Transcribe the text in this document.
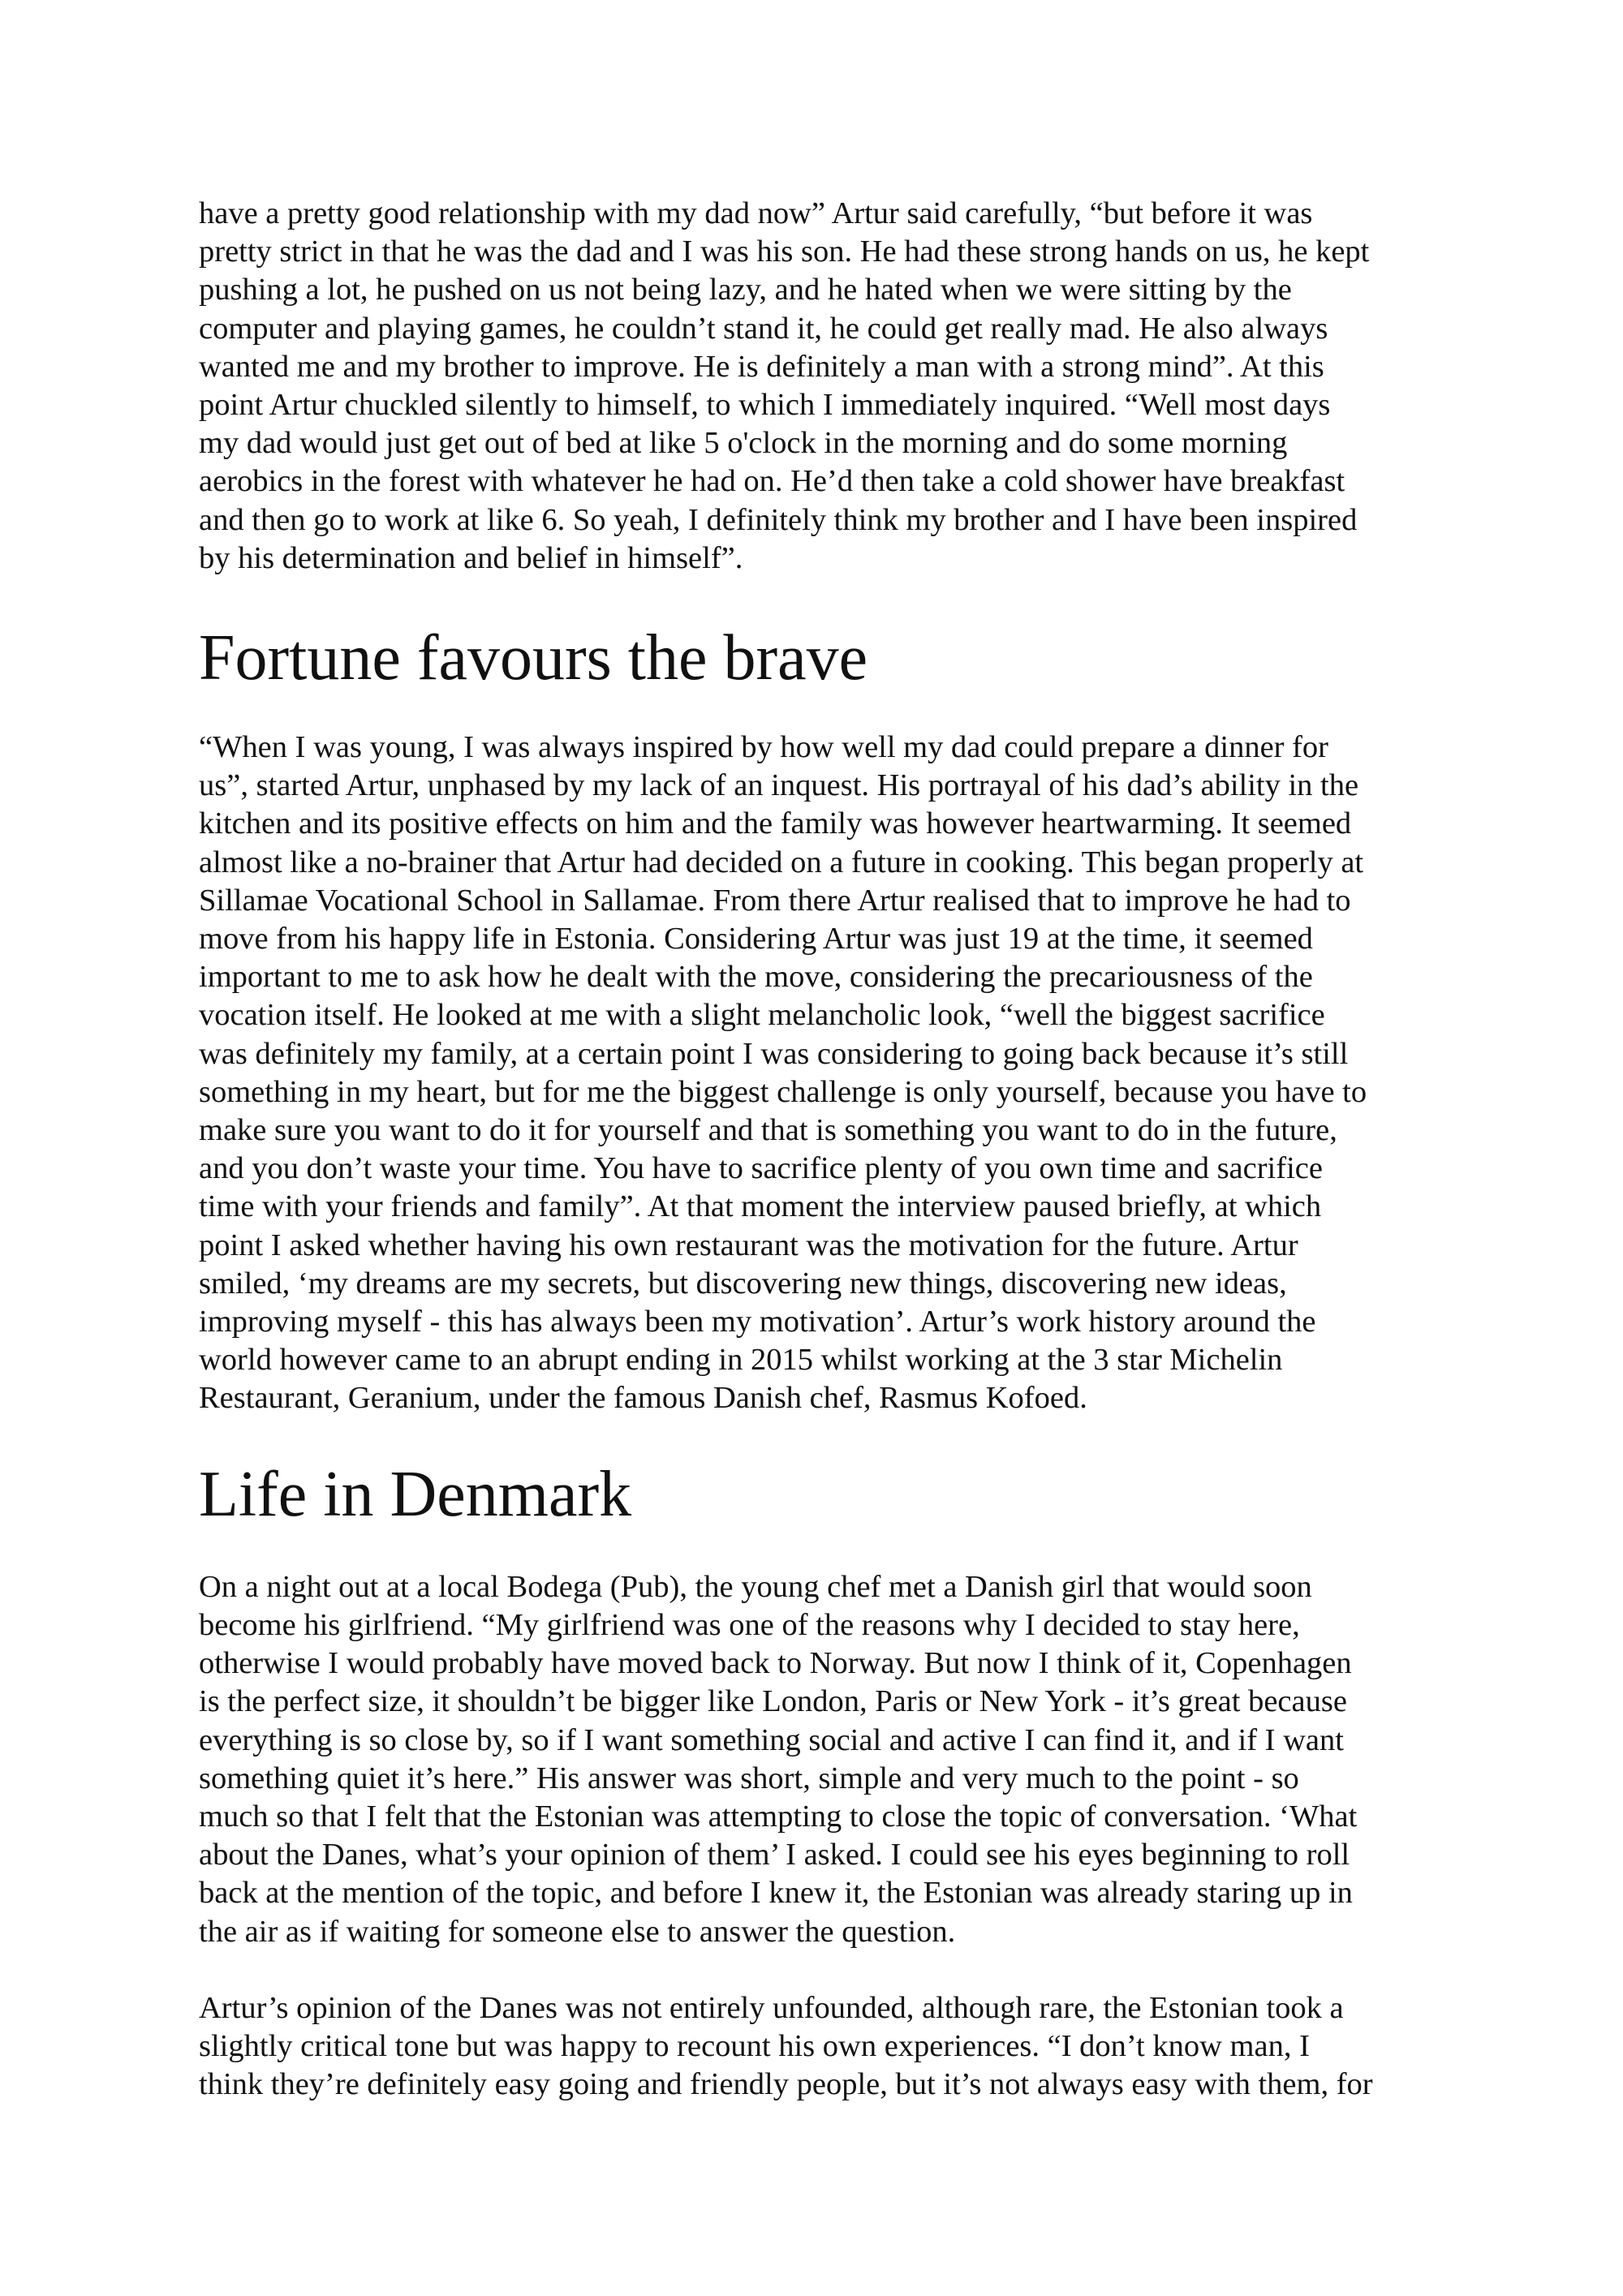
have a pretty good relationship with my dad now” Artur said carefully, “but before it was
pretty strict in that he was the dad and I was his son. He had these strong hands on us, he kept
pushing a lot, he pushed on us not being lazy, and he hated when we were sitting by the
computer and playing games, he couldn’t stand it, he could get really mad. He also always
wanted me and my brother to improve. He is definitely a man with a strong mind”. At this
point Artur chuckled silently to himself, to which I immediately inquired. “Well most days
my dad would just get out of bed at like 5 o'clock in the morning and do some morning
aerobics in the forest with whatever he had on. He’d then take a cold shower have breakfast
and then go to work at like 6. So yeah, I definitely think my brother and I have been inspired
by his determination and belief in himself”.

Fortune favours the brave

“When I was young, I was always inspired by how well my dad could prepare a dinner for
us”, started Artur, unphased by my lack of an inquest. His portrayal of his dad’s ability in the
kitchen and its positive effects on him and the family was however heartwarming. It seemed
almost like a no-brainer that Artur had decided on a future in cooking. This began properly at
Sillamae Vocational School in Sallamae. From there Artur realised that to improve he had to
move from his happy life in Estonia. Considering Artur was just 19 at the time, it seemed
important to me to ask how he dealt with the move, considering the precariousness of the
vocation itself. He looked at me with a slight melancholic look, “well the biggest sacrifice
was definitely my family, at a certain point I was considering to going back because it’s still
something in my heart, but for me the biggest challenge is only yourself, because you have to
make sure you want to do it for yourself and that is something you want to do in the future,
and you don’t waste your time. You have to sacrifice plenty of you own time and sacrifice
time with your friends and family”. At that moment the interview paused briefly, at which
point I asked whether having his own restaurant was the motivation for the future. Artur
smiled, ‘my dreams are my secrets, but discovering new things, discovering new ideas,
improving myself - this has always been my motivation’. Artur’s work history around the
world however came to an abrupt ending in 2015 whilst working at the 3 star Michelin
Restaurant, Geranium, under the famous Danish chef, Rasmus Kofoed.

Life in Denmark

On a night out at a local Bodega (Pub), the young chef met a Danish girl that would soon
become his girlfriend. “My girlfriend was one of the reasons why I decided to stay here,
otherwise I would probably have moved back to Norway. But now I think of it, Copenhagen
is the perfect size, it shouldn’t be bigger like London, Paris or New York - it’s great because
everything is so close by, so if I want something social and active I can find it, and if I want
something quiet it’s here.” His answer was short, simple and very much to the point - so
much so that I felt that the Estonian was attempting to close the topic of conversation. ‘What
about the Danes, what’s your opinion of them’ I asked. I could see his eyes beginning to roll
back at the mention of the topic, and before I knew it, the Estonian was already staring up in
the air as if waiting for someone else to answer the question.

Artur’s opinion of the Danes was not entirely unfounded, although rare, the Estonian took a
slightly critical tone but was happy to recount his own experiences. “I don’t know man, I
think they’re definitely easy going and friendly people, but it’s not always easy with them, for
